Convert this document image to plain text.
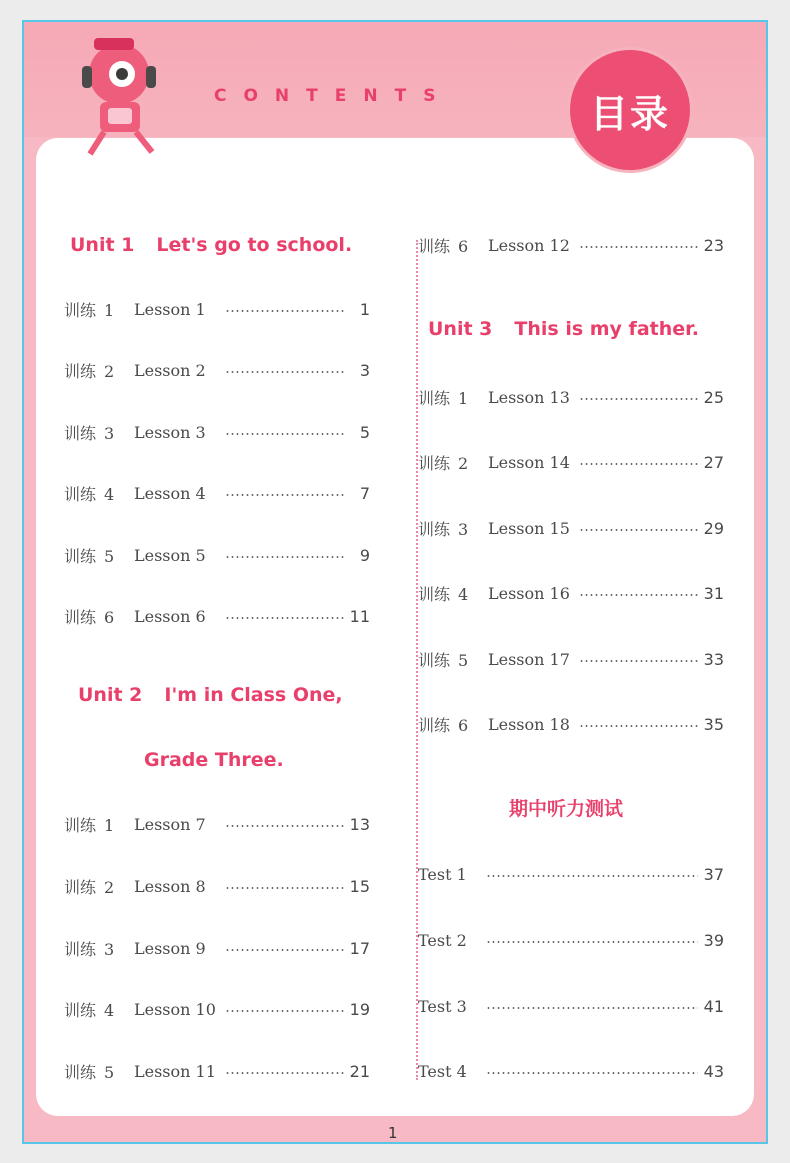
CONTENTS	目录
Unit 1 Let's go to school.
训练 1	Lesson 1	1
训练 2	Lesson 2	3
训练 3	Lesson 3	5
训练 4	Lesson 4	7
训练 5	Lesson 5	9
训练 6	Lesson 6	11
Unit 2 I'm in Class One,
Grade Three.
训练 1	Lesson 7	13
训练 2	Lesson 8	15
训练 3	Lesson 9	17
训练 4	Lesson 10	19
训练 5	Lesson 11	21
训练 6	Lesson 12	23
Unit 3 This is my father.
训练 1	Lesson 13	25
训练 2	Lesson 14	27
训练 3	Lesson 15	29
训练 4	Lesson 16	31
训练 5	Lesson 17	33
训练 6	Lesson 18	35
期中听力测试
Test 1	37
Test 2	39
Test 3	41
Test 4	43
1
